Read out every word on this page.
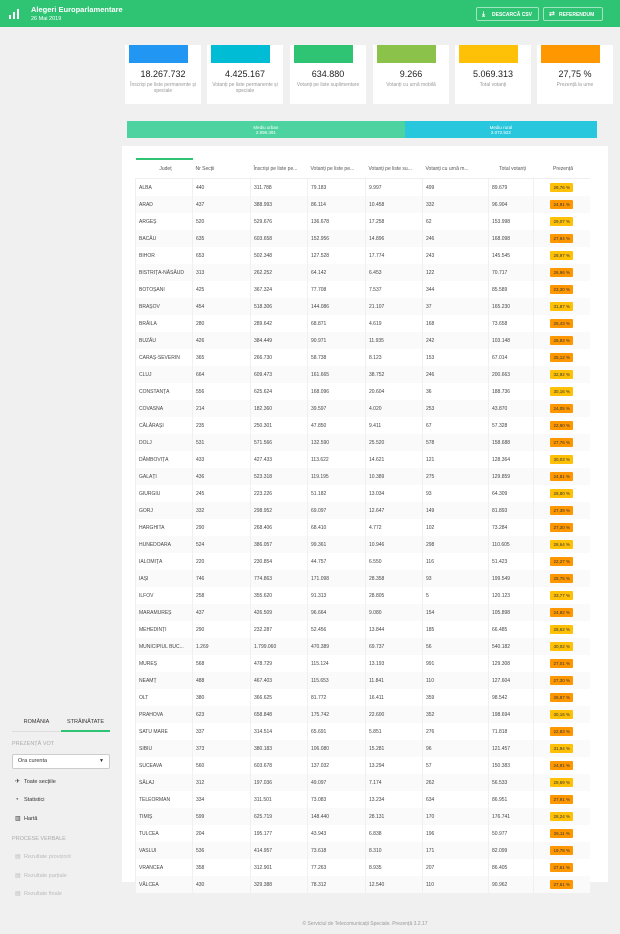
Alegeri Europarlamentare
26 Mai 2019
⤓ DESCARCĂ CSV	⇄ REFERENDUM
ROMÂNIA	STRĂINĂTATE
PREZENȚĂ VOT
Ora curenta	▼
✈ Toate secțiile
◔ Statistici
▥ Hartă
PROCESE VERBALE
▤ Rezultate provizorii
▤ Rezultate parțiale
▤ Rezultate finale
18.267.732
Înscriși pe liste permanente și speciale
4.425.167
Votanți pe liste permanente și speciale
634.880
Votanți pe liste suplimentare
9.266
Votanți cu urnă mobilă
5.069.313
Total votanți
27,75 %
Prezență la urne
Mediu urban
2.996.391
Mediu rural
2.072.922
Județ	Nr Secții	Înscriși pe liste pe...	Votanți pe liste pe...	Votanți pe liste su...	Votanți cu urnă m...	Total votanți	Prezență
ALBA	440	311.788	79.183	9.997	499	89.679	28,76 %
ARAD	437	388.993	86.114	10.458	332	96.904	24,91 %
ARGEȘ	520	529.676	136.678	17.258	62	153.998	29,07 %
BACĂU	635	603.658	152.956	14.896	246	168.098	27,84 %
BIHOR	653	502.348	127.528	17.774	243	145.545	28,97 %
BISTRIȚA-NĂSĂUD	313	262.252	64.142	6.453	122	70.717	26,96 %
BOTOȘANI	425	367.324	77.708	7.537	344	85.589	23,30 %
BRAȘOV	454	518.306	144.086	21.107	37	165.230	31,87 %
BRĂILA	280	289.642	68.871	4.619	168	73.658	25,43 %
BUZĂU	426	384.449	90.971	11.935	242	103.148	26,83 %
CARAȘ-SEVERIN	365	266.730	58.738	8.123	153	67.014	25,12 %
CLUJ	664	609.473	161.665	38.752	246	200.663	32,92 %
CONSTANȚA	556	625.624	168.096	20.604	36	188.736	30,16 %
COVASNA	214	182.360	39.597	4.020	253	43.870	24,05 %
CĂLĂRAȘI	235	250.301	47.850	9.411	67	57.328	22,90 %
DOLJ	531	571.566	132.590	25.520	578	158.688	27,76 %
DÂMBOVIȚA	433	427.433	113.622	14.621	121	128.364	30,03 %
GALAȚI	436	523.318	119.195	10.389	275	129.859	24,81 %
GIURGIU	245	223.226	51.182	13.034	93	64.309	28,80 %
GORJ	332	298.952	69.097	12.647	149	81.893	27,39 %
HARGHITA	290	268.406	68.410	4.772	102	73.284	27,30 %
HUNEDOARA	524	386.057	99.361	10.946	298	110.605	28,64 %
IALOMIȚA	220	230.854	44.757	6.550	116	51.423	22,27 %
IAȘI	746	774.863	171.098	28.358	93	199.549	25,75 %
ILFOV	258	355.620	91.313	28.805	5	120.123	33,77 %
MARAMUREȘ	437	426.509	96.664	9.080	154	105.898	24,82 %
MEHEDINȚI	290	232.287	52.456	13.844	185	66.485	28,62 %
MUNICIPIUL BUC...	1.269	1.799.060	470.389	69.737	56	540.182	30,02 %
MUREȘ	568	478.729	115.124	13.193	991	129.308	27,01 %
NEAMȚ	488	467.403	115.653	11.841	110	127.604	27,30 %
OLT	380	366.625	81.772	16.411	359	98.542	26,87 %
PRAHOVA	623	658.848	175.742	22.600	352	198.694	30,16 %
SATU MARE	337	314.514	65.691	5.851	276	71.818	22,83 %
SIBIU	373	380.183	106.080	15.281	96	121.457	31,94 %
SUCEAVA	560	603.678	137.032	13.294	57	150.383	24,91 %
SĂLAJ	312	197.036	49.097	7.174	262	56.533	28,69 %
TELEORMAN	334	311.501	73.083	13.234	634	86.951	27,91 %
TIMIȘ	599	625.719	148.440	28.131	170	176.741	28,24 %
TULCEA	204	195.177	43.943	6.838	196	50.977	26,11 %
VASLUI	536	414.957	73.618	8.310	171	82.099	19,78 %
VRANCEA	358	312.901	77.263	8.935	207	86.405	27,61 %
VÂLCEA	430	329.388	78.312	12.540	110	90.962	27,61 %
© Serviciul de Telecomunicații Speciale. Prezență 3.2.17
